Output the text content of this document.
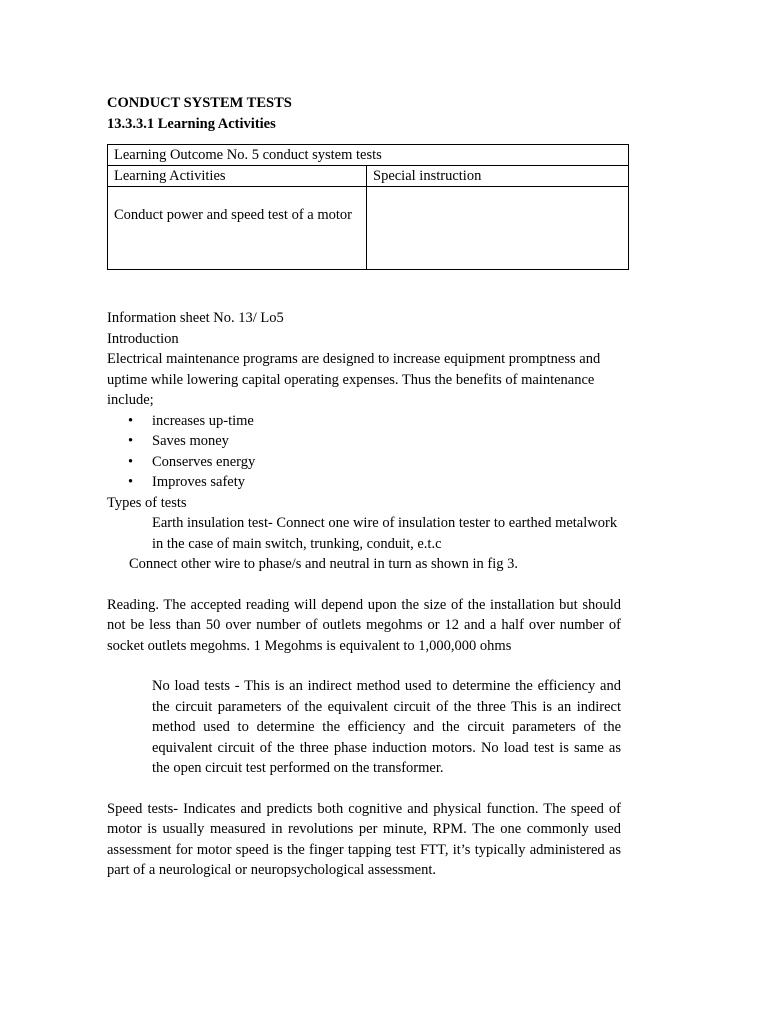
CONDUCT SYSTEM TESTS
13.3.3.1 Learning Activities
Learning Outcome No. 5 conduct system tests	
Learning Activities	Special instruction

Conduct power and speed test of a motor	

Information sheet No. 13/ Lo5
Introduction
Electrical maintenance programs are designed to increase equipment promptness and uptime while lowering capital operating expenses. Thus the benefits of maintenance include;
• increases up-time
• Saves money
• Conserves energy
• Improves safety
Types of tests
Earth insulation test- Connect one wire of insulation tester to earthed metalwork in the case of main switch, trunking, conduit, e.t.c
Connect other wire to phase/s and neutral in turn as shown in fig 3.
Reading. The accepted reading will depend upon the size of the installation but should not be less than 50 over number of outlets megohms or 12 and a half over number of socket outlets megohms. 1 Megohms is equivalent to 1,000,000 ohms
No load tests - This is an indirect method used to determine the efficiency and the circuit parameters of the equivalent circuit of the three This is an indirect method used to determine the efficiency and the circuit parameters of the equivalent circuit of the three phase induction motors. No load test is same as the open circuit test performed on the transformer.
Speed tests- Indicates and predicts both cognitive and physical function. The speed of motor is usually measured in revolutions per minute, RPM. The one commonly used assessment for motor speed is the finger tapping test FTT, it’s typically administered as part of a neurological or neuropsychological assessment.
